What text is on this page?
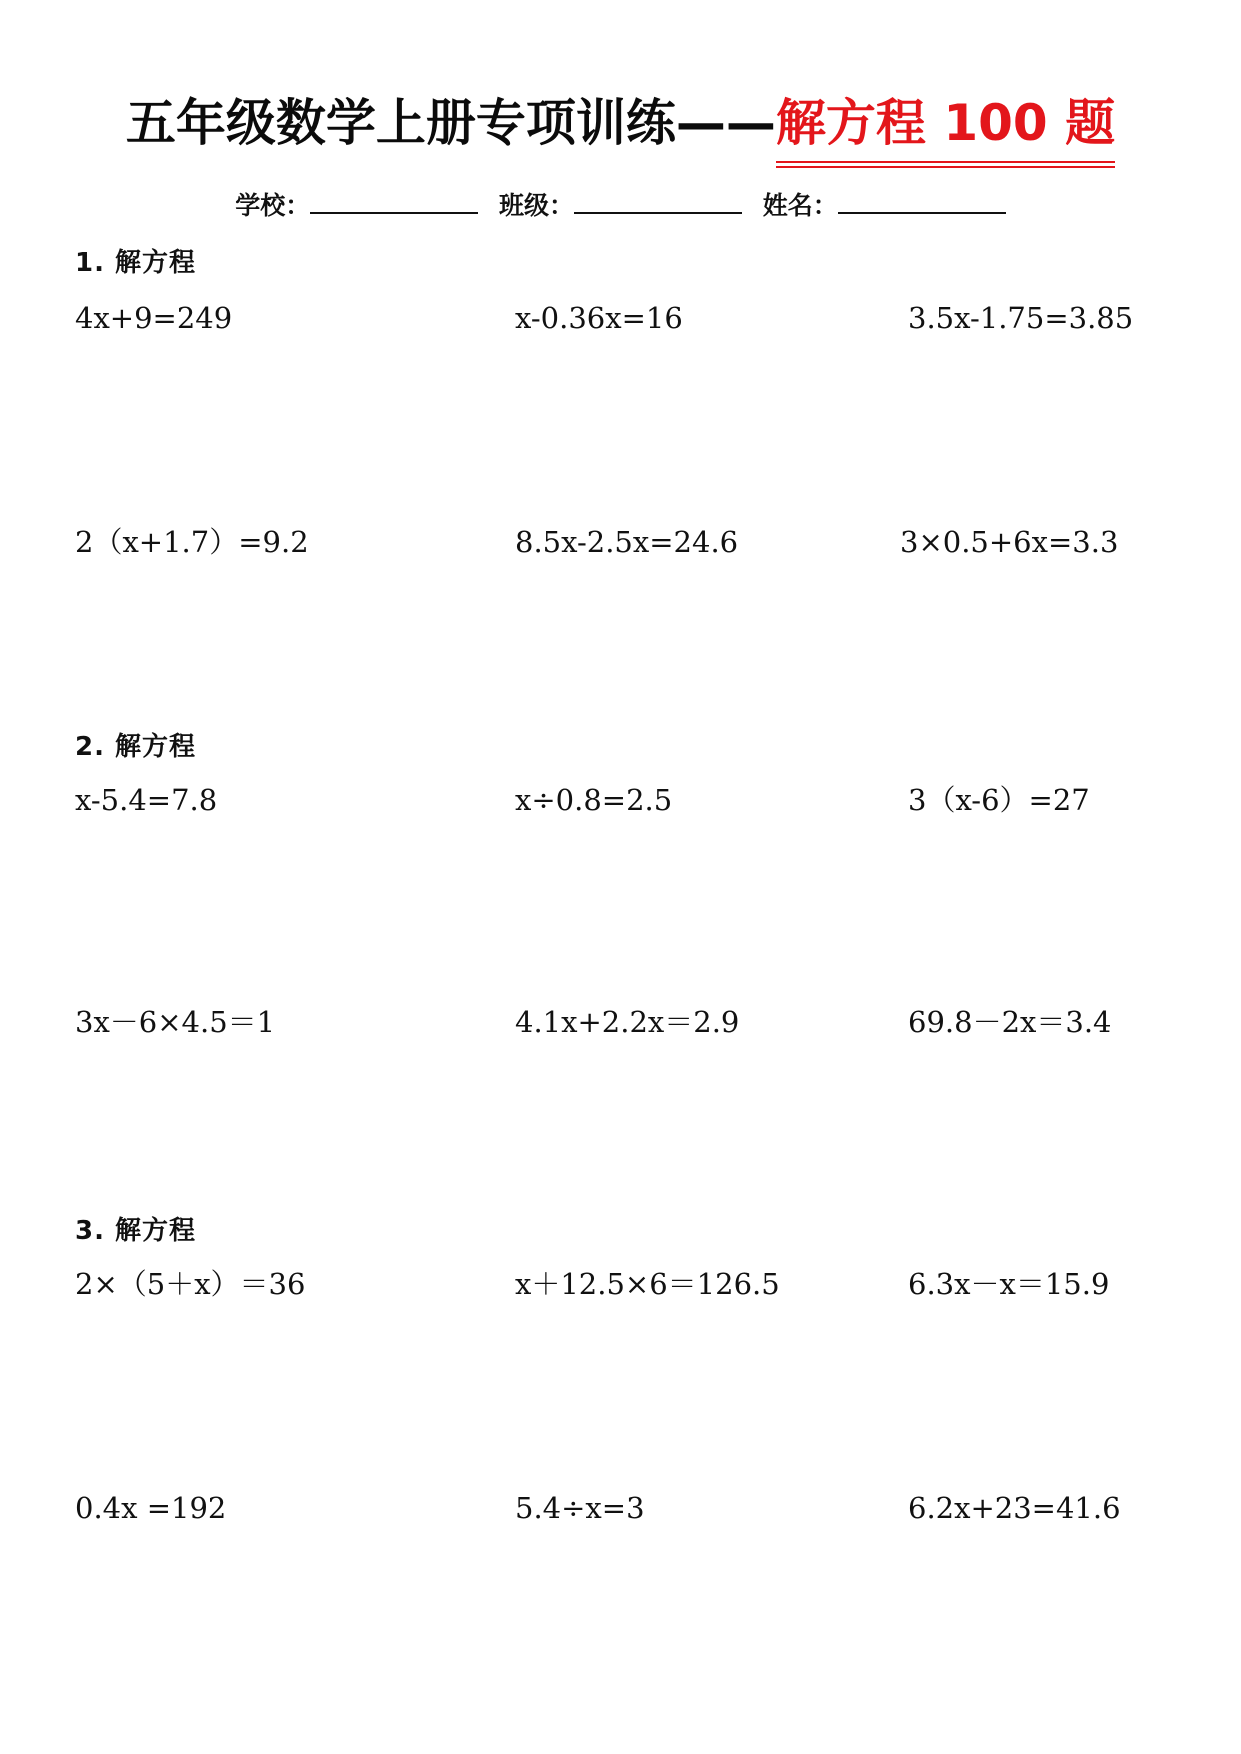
五年级数学上册专项训练——解方程 100 题
学校：	班级：	姓名：
1. 解方程
4x+9=249	x-0.36x=16	3.5x-1.75=3.85
2（x+1.7）=9.2	8.5x-2.5x=24.6	3×0.5+6x=3.3
2. 解方程
x-5.4=7.8	x÷0.8=2.5	3（x-6）=27
3x－6×4.5＝1	4.1x+2.2x＝2.9	69.8－2x＝3.4
3. 解方程
2×（5＋x）＝36	x＋12.5×6＝126.5	6.3x－x＝15.9
0.4x =192	5.4÷x=3	6.2x+23=41.6
